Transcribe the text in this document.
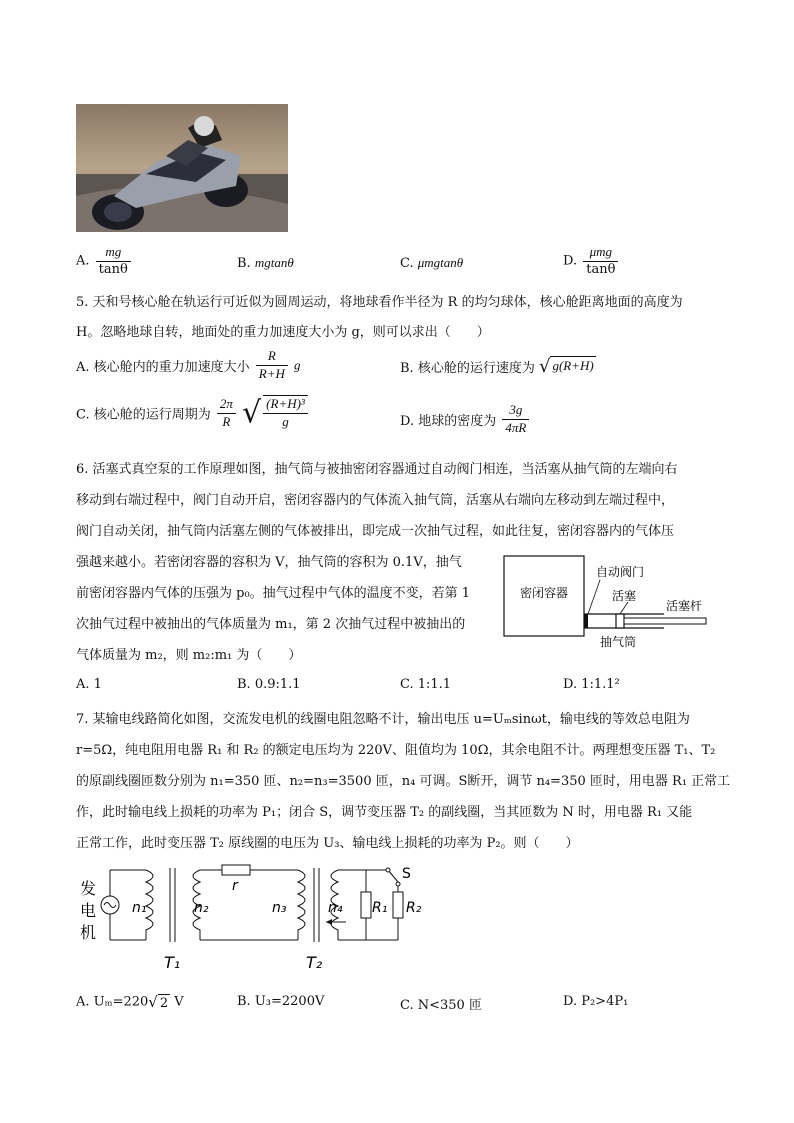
A. $\frac{mg}{\tan\theta}$	B. mgtanθ	C. μmgtanθ	D. $\frac{\text{μmg}}{\tan\theta}$
5. 天和号核心舱在轨运行可近似为圆周运动，将地球看作半径为 R 的均匀球体，核心舱距离地面的高度为
H。忽略地球自转，地面处的重力加速度大小为 g，则可以求出（　　）
A. 核心舱内的重力加速度大小 $\frac{R}{R+H}$ g	B. 核心舱的运行速度为 √ g(R+H)
C. 核心舱的运行周期为 $\frac{2\pi}{R}$ √ $\frac{\text{(R+H)³}}{g}$	D. 地球的密度为 $\frac{3g}{4\pi R}$
6. 活塞式真空泵的工作原理如图，抽气筒与被抽密闭容器通过自动阀门相连，当活塞从抽气筒的左端向右
移动到右端过程中，阀门自动开启，密闭容器内的气体流入抽气筒，活塞从右端向左移动到左端过程中，
阀门自动关闭，抽气筒内活塞左侧的气体被排出，即完成一次抽气过程，如此往复，密闭容器内的气体压
强越来越小。若密闭容器的容积为 V，抽气筒的容积为 0.1V，抽气
前密闭容器内气体的压强为 p₀。抽气过程中气体的温度不变，若第 1
次抽气过程中被抽出的气体质量为 m₁，第 2 次抽气过程中被抽出的
气体质量为 m₂，则 m₂:m₁ 为（　　）
密闭容器
自动阀门
活塞
活塞杆
抽气筒
A. 1	B. 0.9:1.1	C. 1:1.1	D. 1:1.1²
7. 某输电线路简化如图，交流发电机的线圈电阻忽略不计，输出电压 u=Uₘsinωt，输电线的等效总电阻为
r=5Ω，纯电阻用电器 R₁ 和 R₂ 的额定电压均为 220V、阻值均为 10Ω，其余电阻不计。两理想变压器 T₁、T₂
的原副线圈匝数分别为 n₁=350 匝、n₂=n₃=3500 匝，n₄ 可调。S断开，调节 n₄=350 匝时，用电器 R₁ 正常工
作，此时输电线上损耗的功率为 P₁；闭合 S，调节变压器 T₂ 的副线圈，当其匝数为 N 时，用电器 R₁ 又能
正常工作，此时变压器 T₂ 原线圈的电压为 U₃、输电线上损耗的功率为 P₂。则（　　）
发
电
机
n₁	n₂
T₁
r
n₃	n₄
T₂
R₁
S
R₂
A. Uₘ=220√ 2 V	B. U₃=2200V	C. N<350 匝	D. P₂>4P₁
